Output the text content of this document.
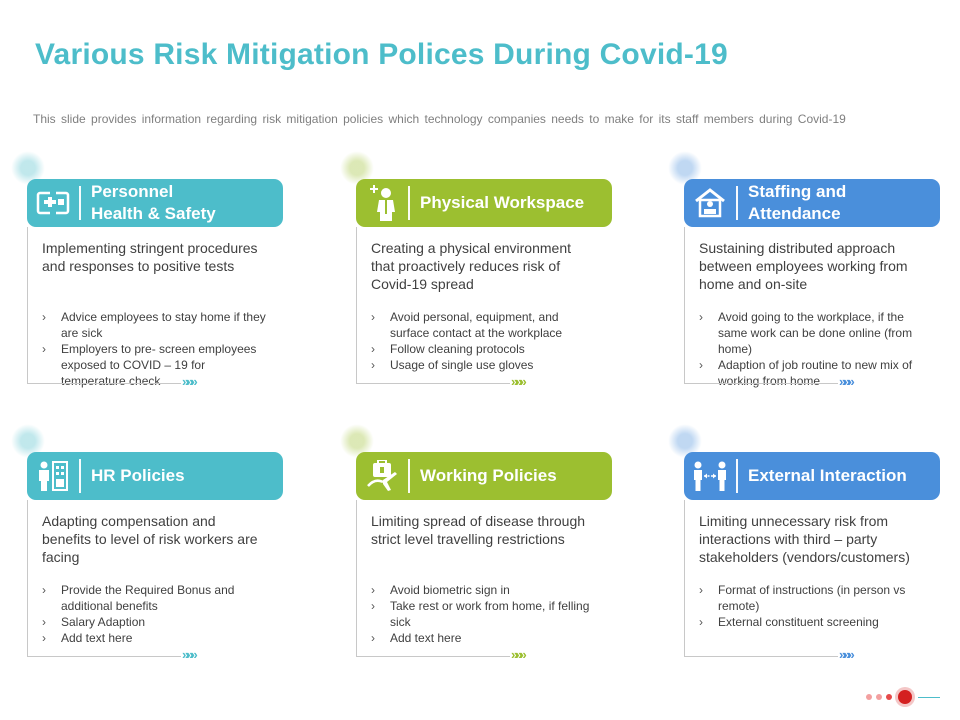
Various Risk Mitigation Polices During Covid-19
This slide provides information regarding risk mitigation policies which technology companies needs to make for its staff members during Covid-19
Personnel
Health & Safety
Implementing stringent procedures and responses to positive tests
› Advice employees to stay home if they are sick
› Employers to pre- screen employees exposed to COVID – 19 for temperature check	»»»
Physical Workspace
Creating a physical environment that proactively reduces risk of Covid-19 spread
› Avoid personal, equipment, and surface contact at the workplace
› Follow cleaning protocols
› Usage of single use gloves
»»»
Staffing and
Attendance
Sustaining distributed approach between employees working from home and on-site
› Avoid going to the workplace, if the same work can be done online (from home)
› Adaption of job routine to new mix of working from home	»»»
HR Policies
Adapting compensation and benefits to level of risk workers are facing
› Provide the Required Bonus and additional benefits
› Salary Adaption
› Add text here
»»»
Working Policies
Limiting spread of disease through strict level travelling restrictions
› Avoid biometric sign in
› Take rest or work from home, if felling sick
› Add text here
»»»
External Interaction
Limiting unnecessary risk from interactions with third – party stakeholders (vendors/customers)
› Format of instructions (in person vs remote)
› External constituent screening
»»»
